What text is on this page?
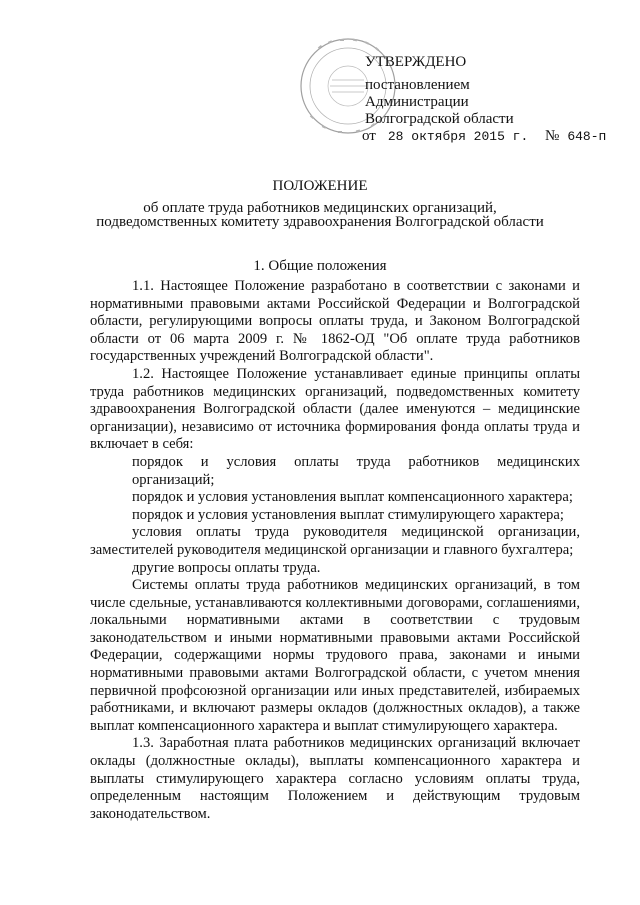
УТВЕРЖДЕНО
постановлением
Администрации
Волгоградской области
от 28 октября 2015 г. № 648-п
ПОЛОЖЕНИЕ
об оплате труда работников медицинских организаций,
подведомственных комитету здравоохранения Волгоградской области
1. Общие положения

1.1. Настоящее Положение разработано в соответствии с законами и нормативными правовыми актами Российской Федерации и Волгоградской области, регулирующими вопросы оплаты труда, и Законом Волгоградской области от 06 марта 2009 г. № 1862-ОД "Об оплате труда работников государственных учреждений Волгоградской области".

1.2. Настоящее Положение устанавливает единые принципы оплаты труда работников медицинских организаций, подведомственных комитету здравоохранения Волгоградской области (далее именуются – медицинские организации), независимо от источника формирования фонда оплаты труда и включает в себя:

порядок и условия оплаты труда работников медицинских организаций;

порядок и условия установления выплат компенсационного характера;

порядок и условия установления выплат стимулирующего характера;

условия оплаты труда руководителя медицинской организации, заместителей руководителя медицинской организации и главного бухгалтера;

другие вопросы оплаты труда.

Системы оплаты труда работников медицинских организаций, в том числе сдельные, устанавливаются коллективными договорами, соглашениями, локальными нормативными актами в соответствии с трудовым законодательством и иными нормативными правовыми актами Российской Федерации, содержащими нормы трудового права, законами и иными нормативными правовыми актами Волгоградской области, с учетом мнения первичной профсоюзной организации или иных представителей, избираемых работниками, и включают размеры окладов (должностных окладов), а также выплат компенсационного характера и выплат стимулирующего характера.

1.3. Заработная плата работников медицинских организаций включает оклады (должностные оклады), выплаты компенсационного характера и выплаты стимулирующего характера согласно условиям оплаты труда, определенным настоящим Положением и действующим трудовым законодательством.
